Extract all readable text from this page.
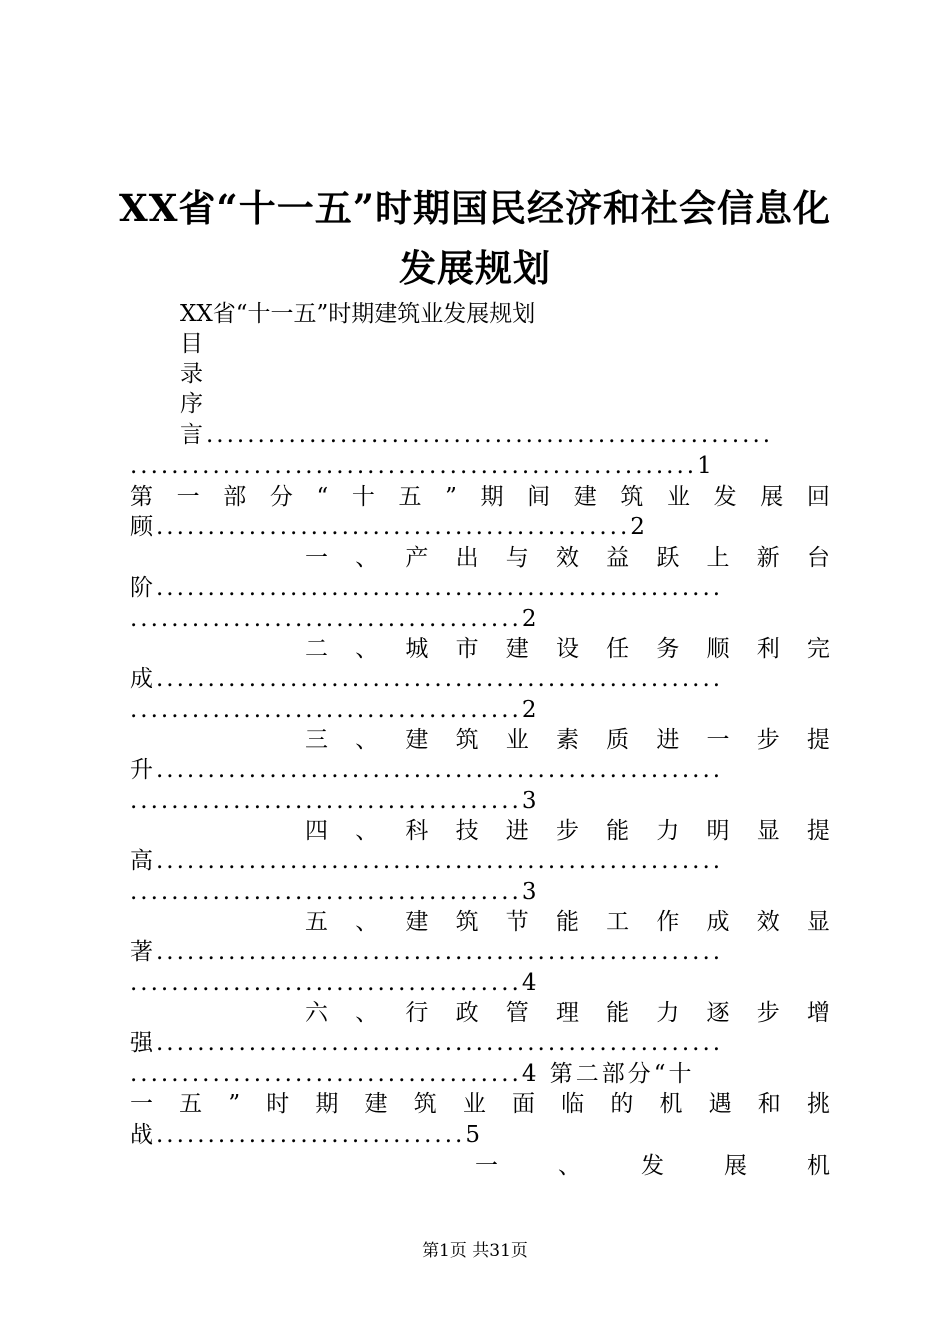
XX省“十一五”时期国民经济和社会信息化
发展规划
XX省“十一五”时期建筑业发展规划
目
录
序
言.......................................................
.......................................................1
第 一 部 分 “ 十 五 ” 期 间 建 筑 业 发 展 回
顾..............................................2
一 、 产 出 与 效 益 跃 上 新 台
阶.......................................................
......................................2
二 、 城 市 建 设 任 务 顺 利 完
成.......................................................
......................................2
三 、 建 筑 业 素 质 进 一 步 提
升.......................................................
......................................3
四 、 科 技 进 步 能 力 明 显 提
高.......................................................
......................................3
五 、 建 筑 节 能 工 作 成 效 显
著.......................................................
......................................4
六 、 行 政 管 理 能 力 逐 步 增
强.......................................................
......................................4 第二部分“十
一 五 ” 时 期 建 筑 业 面 临 的 机 遇 和 挑
战..............................5
一	、	发	展	机
第1页 共31页
